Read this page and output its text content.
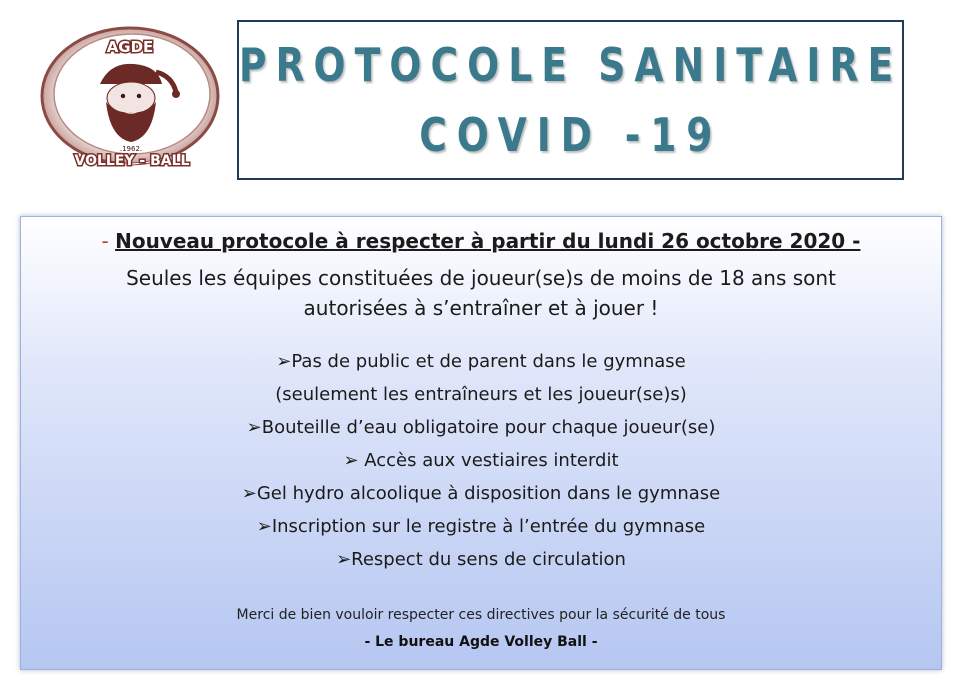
AGDE
.1962.
VOLLEY - BALL
PROTOCOLE SANITAIRE
COVID -19
- Nouveau protocole à respecter à partir du lundi 26 octobre 2020 -
Seules les équipes constituées de joueur(se)s de moins de 18 ans sont
autorisées à s’entraîner et à jouer !
➢Pas de public et de parent dans le gymnase
(seulement les entraîneurs et les joueur(se)s)
➢Bouteille d’eau obligatoire pour chaque joueur(se)
➢ Accès aux vestiaires interdit
➢Gel hydro alcoolique à disposition dans le gymnase
➢Inscription sur le registre à l’entrée du gymnase
➢Respect du sens de circulation
Merci de bien vouloir respecter ces directives pour la sécurité de tous
- Le bureau Agde Volley Ball -
